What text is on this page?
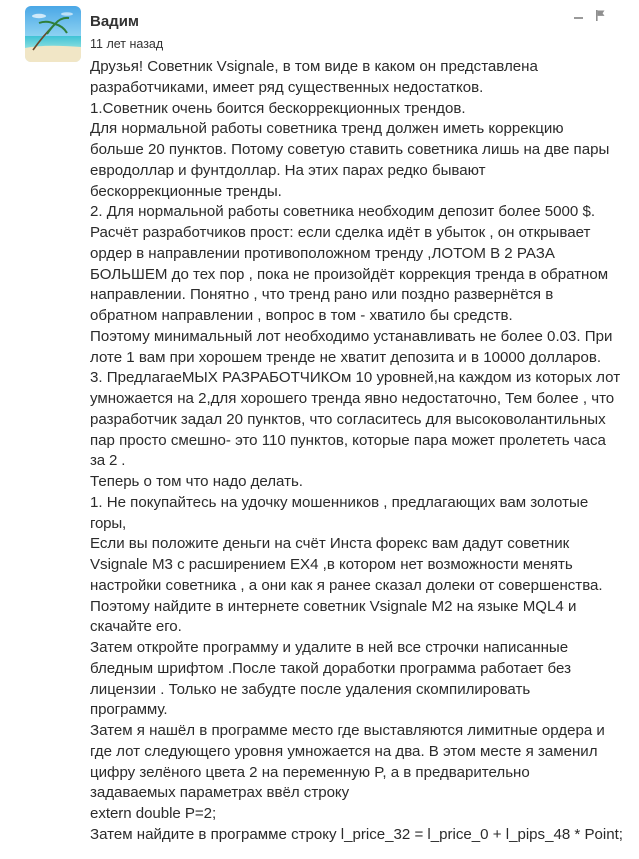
Вадим
11 лет назад
Друзья! Советник Vsignale, в том виде в каком он представлена
разработчиками, имеет ряд существенных недостатков.
1.Советник очень боится бескоррекционных трендов.
Для нормальной работы советника тренд должен иметь коррекцию
больше 20 пунктов. Потому советую ставить советника лишь на две пары
евродоллар и фунтдоллар. На этих парах редко бывают
бескоррекционные тренды.
2. Для нормальной работы советника необходим депозит более 5000 $.
Расчёт разработчиков прост: если сделка идёт в убыток , он открывает
ордер в направлении противоположном тренду ,ЛОТОМ В 2 РАЗА
БОЛЬШЕМ до тех пор , пока не произойдёт коррекция тренда в обратном
направлении. Понятно , что тренд рано или поздно развернётся в
обратном направлении , вопрос в том - хватило бы средств.
Поэтому минимальный лот необходимо устанавливать не более 0.03. При
лоте 1 вам при хорошем тренде не хватит депозита и в 10000 долларов.
3. ПредлагаеМЫХ РАЗРАБОТЧИКОм 10 уровней,на каждом из которых лот
умножается на 2,для хорошего тренда явно недостаточно, Тем более , что
разработчик задал 20 пунктов, что согласитесь для высоковолантильных
пар просто смешно- это 110 пунктов, которые пара может пролететь часа
за 2 .
Теперь о том что надо делать.
1. Не покупайтесь на удочку мошенников , предлагающих вам золотые
горы,
Если вы положите деньги на счёт Инста форекс вам дадут советник
Vsignale M3 с расширением EX4 ,в котором нет возможности менять
настройки советника , а они как я ранее сказал долеки от совершенства.
Поэтому найдите в интернете советник Vsignale M2 на языке MQL4 и
скачайте его.
Затем откройте программу и удалите в ней все строчки написанные
бледным шрифтом .После такой доработки программа работает без
лицензии . Только не забудте после удаления скомпилировать
программу.
Затем я нашёл в программе место где выставляются лимитные ордера и
где лот следующего уровня умножается на два. В этом месте я заменил
цифру зелёного цвета 2 на переменную P, а в предварительно
задаваемых параметрах ввёл строку
extern double P=2;
Затем найдите в программе строку l_price_32 = l_price_0 + l_pips_48 * Point;
